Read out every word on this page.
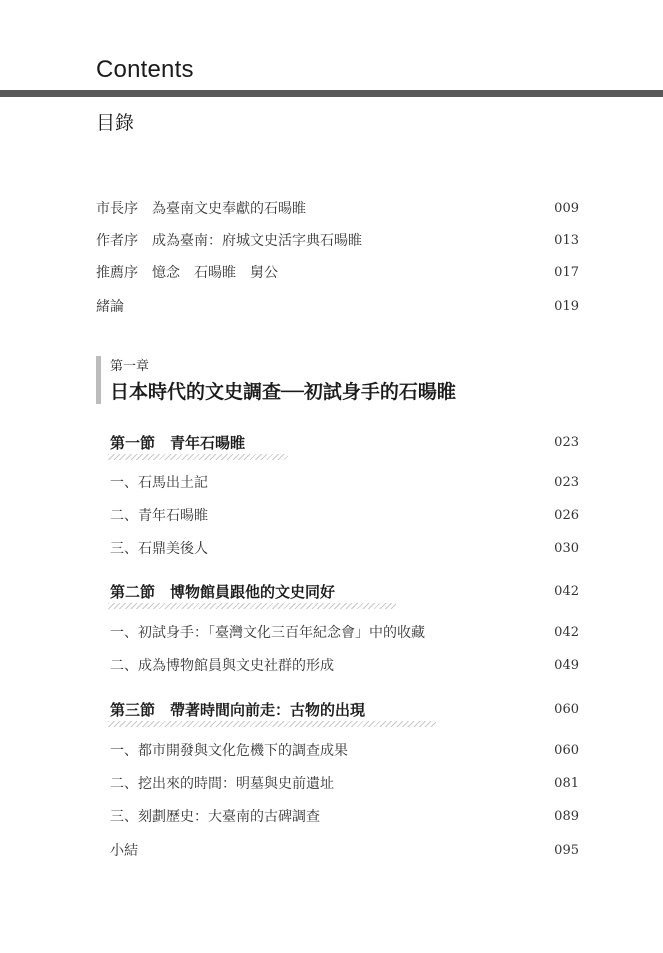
Contents
目錄
市長序　為臺南文史奉獻的石暘睢	009
作者序　成為臺南：府城文史活字典石暘睢	013
推薦序　憶念　石暘睢　舅公	017
緒論	019
第一章
日本時代的文史調查──初試身手的石暘睢
第一節　青年石暘睢	023
一、石馬出土記	023
二、青年石暘睢	026
三、石鼎美後人	030
第二節　博物館員跟他的文史同好	042
一、初試身手：「臺灣文化三百年紀念會」中的收藏	042
二、成為博物館員與文史社群的形成	049
第三節　帶著時間向前走：古物的出現	060
一、都市開發與文化危機下的調查成果	060
二、挖出來的時間：明墓與史前遺址	081
三、刻劃歷史：大臺南的古碑調查	089
小結	095
